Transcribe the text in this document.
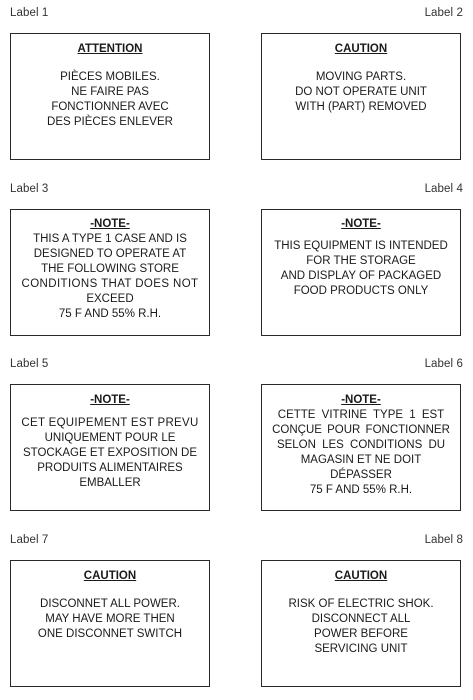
Label 1	Label 2
ATTENTION
PIÈCES MOBILES.
NE FAIRE PAS
FONCTIONNER AVEC
DES PIÈCES ENLEVER
CAUTION
MOVING PARTS.
DO NOT OPERATE UNIT
WITH (PART) REMOVED
Label 3	Label 4
-NOTE-
THIS A TYPE 1 CASE AND IS
DESIGNED TO OPERATE AT
THE FOLLOWING STORE
CONDITIONS THAT DOES NOT
EXCEED
75 F AND 55% R.H.
-NOTE-
THIS EQUIPMENT IS INTENDED
FOR THE STORAGE
AND DISPLAY OF PACKAGED
FOOD PRODUCTS ONLY
Label 5	Label 6
-NOTE-
CET EQUIPEMENT EST PREVU
UNIQUEMENT POUR LE
STOCKAGE ET EXPOSITION DE
PRODUITS ALIMENTAIRES
EMBALLER
-NOTE-
CETTE VITRINE TYPE 1 EST
CONÇUE POUR FONCTIONNER
SELON LES CONDITIONS DU
MAGASIN ET NE DOIT
DÉPASSER
75 F AND 55% R.H.
Label 7	Label 8
CAUTION
DISCONNET ALL POWER.
MAY HAVE MORE THEN
ONE DISCONNET SWITCH
CAUTION
RISK OF ELECTRIC SHOK.
DISCONNECT ALL
POWER BEFORE
SERVICING UNIT
